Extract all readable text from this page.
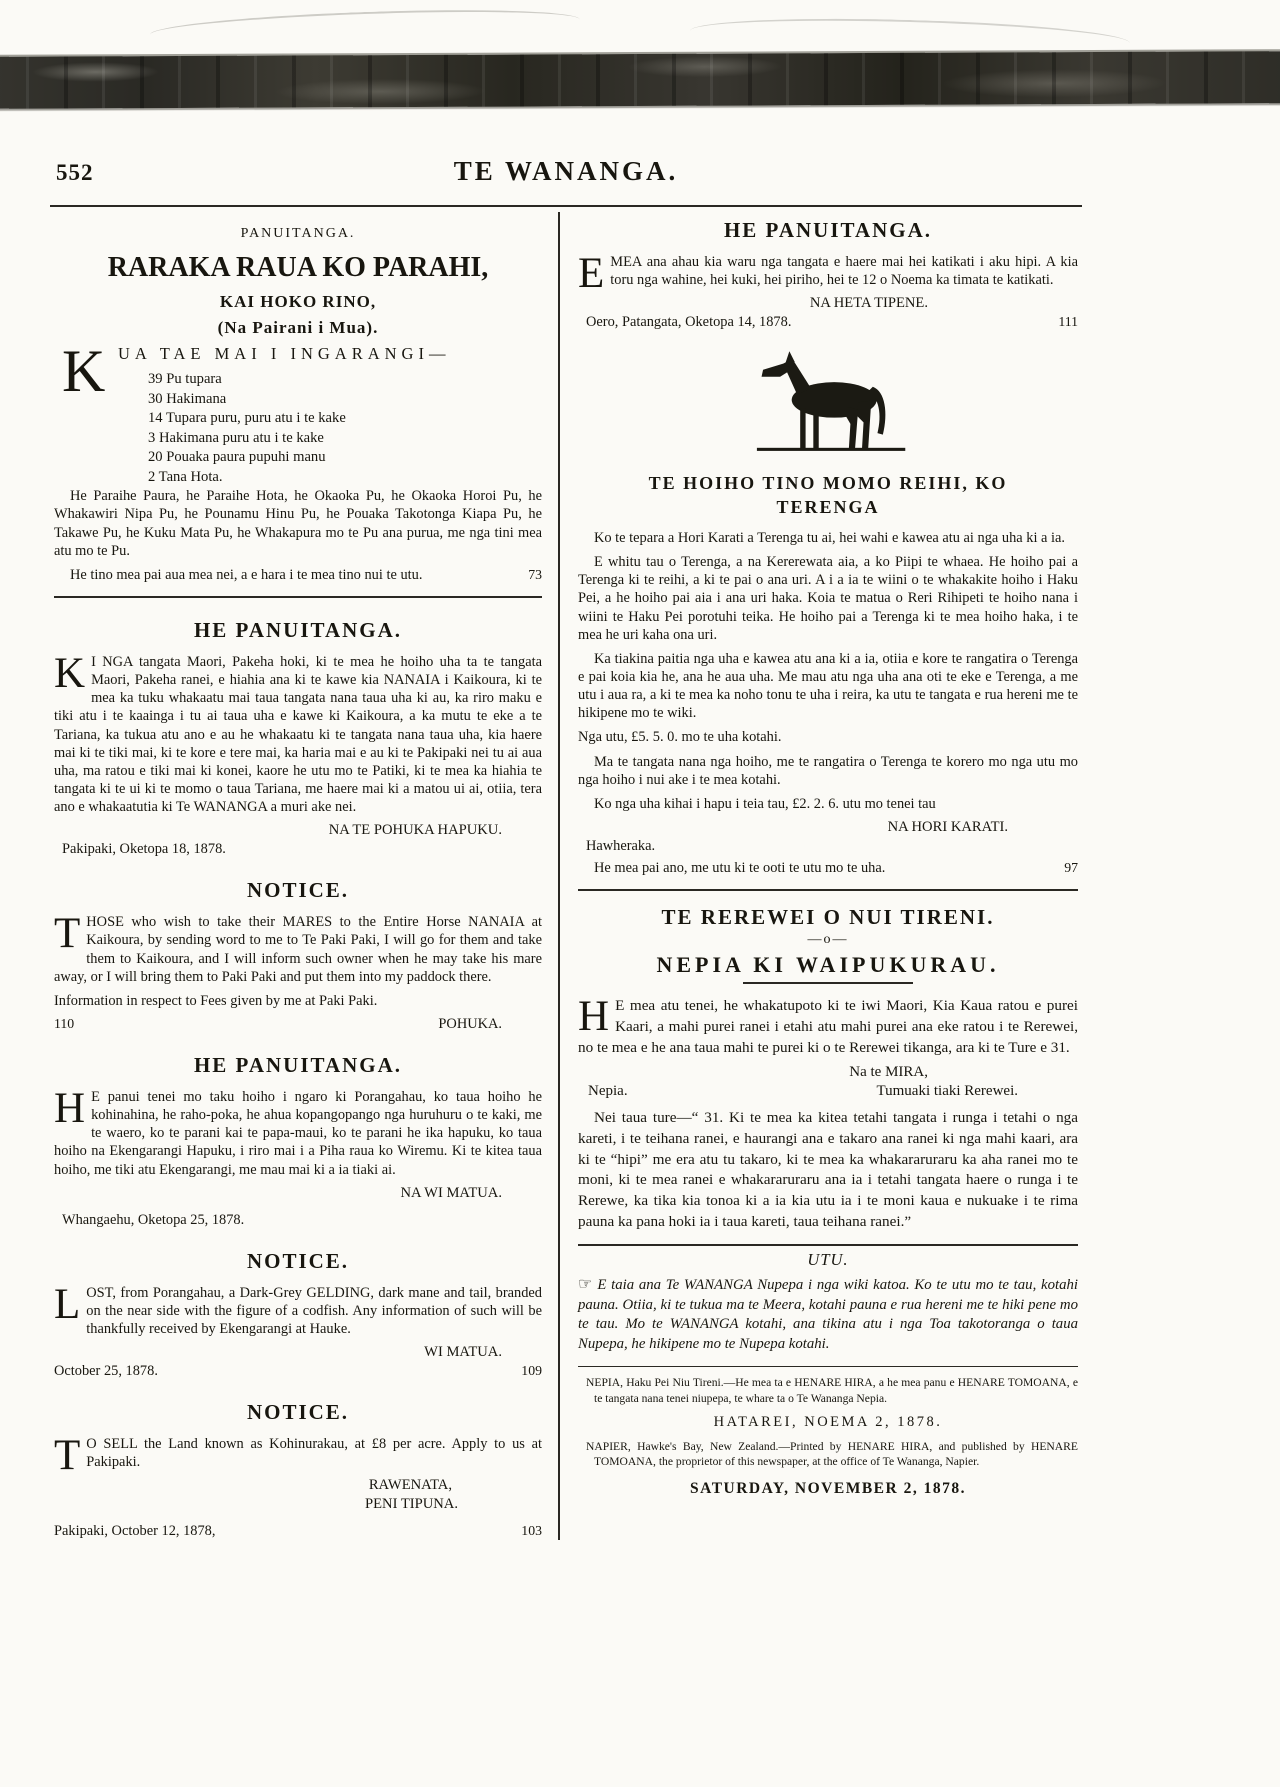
552	TE WANANGA.
PANUITANGA.
RARAKA RAUA KO PARAHI,
KAI HOKO RINO,
(Na Pairani i Mua).
K UA TAE MAI I INGARANGI—
39 Pu tupara
30 Hakimana
14 Tupara puru, puru atu i te kake
3 Hakimana puru atu i te kake
20 Pouaka paura pupuhi manu
2 Tana Hota.

He Paraihe Paura, he Paraihe Hota, he Okaoka Pu, he Okaoka Horoi Pu, he Whakawiri Nipa Pu, he Pounamu Hinu Pu, he Pouaka Takotonga Kiapa Pu, he Takawe Pu, he Kuku Mata Pu, he Whakapura mo te Pu ana purua, me nga tini mea atu mo te Pu.

73
He tino mea pai aua mea nei, a e hara i te mea tino nui te utu.

HE PANUITANGA.

K I NGA tangata Maori, Pakeha hoki, ki te mea he hoiho uha ta te tangata Maori, Pakeha ranei, e hiahia ana ki te kawe kia NANAIA i Kaikoura, ki te mea ka tuku whakaatu mai taua tangata nana taua uha ki au, ka riro maku e tiki atu i te kaainga i tu ai taua uha e kawe ki Kaikoura, a ka mutu te eke a te Tariana, ka tukua atu ano e au he whakaatu ki te tangata nana taua uha, kia haere mai ki te tiki mai, ki te kore e tere mai, ka haria mai e au ki te Pakipaki nei tu ai aua uha, ma ratou e tiki mai ki konei, kaore he utu mo te Patiki, ki te mea ka hiahia te tangata ki te ui ki te momo o taua Tariana, me haere mai ki a matou ui ai, otiia, tera ano e whakaatutia ki Te WANANGA a muri ake nei.

NA TE POHUKA HAPUKU.
Pakipaki, Oketopa 18, 1878.
NOTICE.

THOSE who wish to take their MARES to the Entire Horse NANAIA at Kaikoura, by sending word to me to Te Paki Paki, I will go for them and take them to Kaikoura, and I will inform such owner when he may take his mare away, or I will bring them to Paki Paki and put them into my paddock there.

Information in respect to Fees given by me at Paki Paki.

110	POHUKA.
HE PANUITANGA.

H E panui tenei mo taku hoiho i ngaro ki Porangahau, ko taua hoiho he kohinahina, he raho-poka, he ahua kopangopango nga huruhuru o te kaki, me te waero, ko te parani kai te papa-maui, ko te parani he ika hapuku, ko taua hoiho na Ekengarangi Hapuku, i riro mai i a Piha raua ko Wiremu. Ki te kitea taua hoiho, me tiki atu Ekengarangi, me mau mai ki a ia tiaki ai.

NA WI MATUA.
Whangaehu, Oketopa 25, 1878.
NOTICE.

LOST, from Porangahau, a Dark-Grey GELDING, dark mane and tail, branded on the near side with the figure of a codfish. Any information of such will be thankfully received by Ekengarangi at Hauke.

WI MATUA.
October 25, 1878.	109
NOTICE.

T O SELL the Land known as Kohinurakau, at £8 per acre. Apply to us at Pakipaki.

RAWENATA,
PENI TIPUNA.
Pakipaki, October 12, 1878,	103
HE PANUITANGA.

EMEA ana ahau kia waru nga tangata e haere mai hei katikati i aku hipi. A kia toru nga wahine, hei kuki, hei piriho, hei te 12 o Noema ka timata te katikati.

NA HETA TIPENE.
Oero, Patangata, Oketopa 14, 1878.	111
TE HOIHO TINO MOMO REIHI, KO
TERENGA

Ko te tepara a Hori Karati a Terenga tu ai, hei wahi e kawea atu ai nga uha ki a ia.

E whitu tau o Terenga, a na Kererewata aia, a ko Piipi te whaea. He hoiho pai a Terenga ki te reihi, a ki te pai o ana uri. A i a ia te wiini o te whakakite hoiho i Haku Pei, a he hoiho pai aia i ana uri haka. Koia te matua o Reri Rihipeti te hoiho nana i wiini te Haku Pei porotuhi teika. He hoiho pai a Terenga ki te mea hoiho haka, i te mea he uri kaha ona uri.

Ka tiakina paitia nga uha e kawea atu ana ki a ia, otiia e kore te rangatira o Terenga e pai koia kia he, ana he aua uha. Me mau atu nga uha ana oti te eke e Terenga, a me utu i aua ra, a ki te mea ka noho tonu te uha i reira, ka utu te tangata e rua hereni me te hikipene mo te wiki.

Nga utu, £5. 5. 0. mo te uha kotahi.

Ma te tangata nana nga hoiho, me te rangatira o Terenga te korero mo nga utu mo nga hoiho i nui ake i te mea kotahi.

Ko nga uha kihai i hapu i teia tau, £2. 2. 6. utu mo tenei tau

NA HORI KARATI.
Hawheraka.

97
He mea pai ano, me utu ki te ooti te utu mo te uha.

TE REREWEI O NUI TIRENI.
—o—
NEPIA KI WAIPUKURAU.

H E mea atu tenei, he whakatupoto ki te iwi Maori, Kia Kaua ratou e purei Kaari, a mahi purei ranei i etahi atu mahi purei ana eke ratou i te Rerewei, no te mea e he ana taua mahi te purei ki o te Rerewei tikanga, ara ki te Ture e 31.

Na te MIRA,
Nepia.	Tumuaki tiaki Rerewei.

Nei taua ture—“ 31. Ki te mea ka kitea tetahi tangata i runga i tetahi o nga kareti, i te teihana ranei, e haurangi ana e takaro ana ranei ki nga mahi kaari, ara ki te “hipi” me era atu tu takaro, ki te mea ka whakararuraru ka aha ranei mo te moni, ki te mea ranei e whakararuraru ana ia i tetahi tangata haere o runga i te Rerewe, ka tika kia tonoa ki a ia kia utu ia i te moni kaua e nukuake i te rima pauna ka pana hoki ia i taua kareti, taua teihana ranei.”

UTU.

☞ E taia ana Te WANANGA Nupepa i nga wiki katoa. Ko te utu mo te tau, kotahi pauna. Otiia, ki te tukua ma te Meera, kotahi pauna e rua hereni me te hiki pene mo te tau. Mo te WANANGA kotahi, ana tikina atu i nga Toa takotoranga o taua Nupepa, he hikipene mo te Nupepa kotahi.

NEPIA, Haku Pei Niu Tireni.—He mea ta e HENARE HIRA, a he mea panu e HENARE TOMOANA, e te tangata nana tenei niupepa, te whare ta o Te Wananga Nepia.

HATAREI, NOEMA 2, 1878.

NAPIER, Hawke's Bay, New Zealand.—Printed by HENARE HIRA, and published by HENARE TOMOANA, the proprietor of this newspaper, at the office of Te Wananga, Napier.

SATURDAY, NOVEMBER 2, 1878.
